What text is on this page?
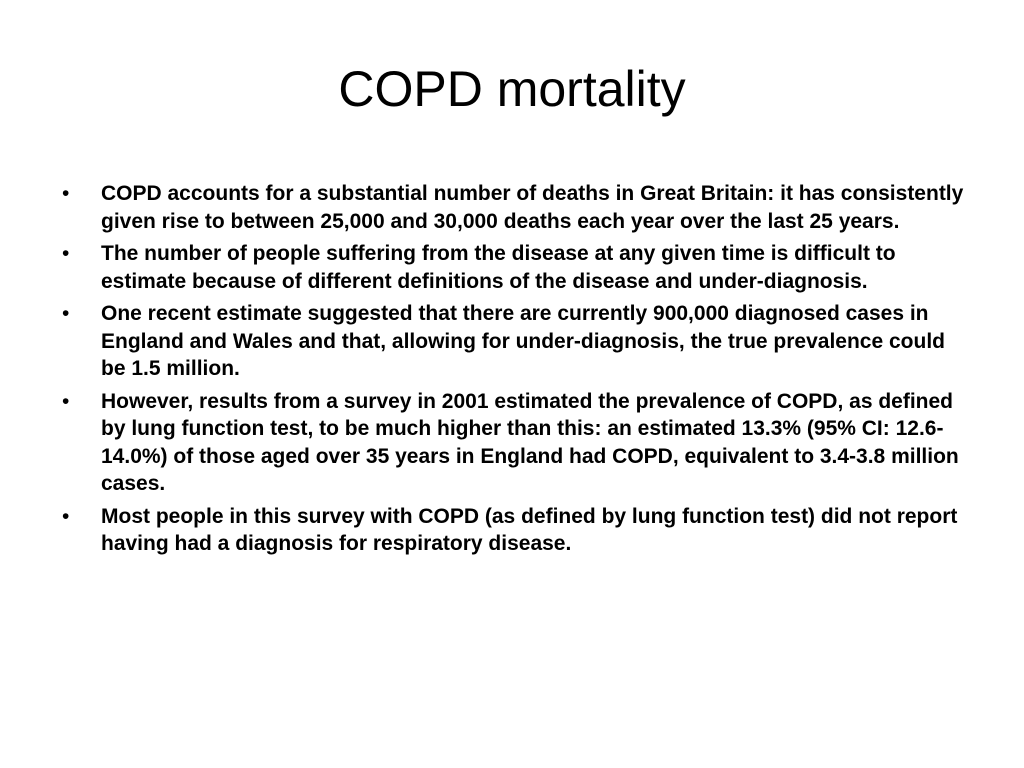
COPD mortality
• COPD accounts for a substantial number of deaths in Great Britain: it has consistently given rise to between 25,000 and 30,000 deaths each year over the last 25 years.
• The number of people suffering from the disease at any given time is difficult to estimate because of different definitions of the disease and under-diagnosis.
• One recent estimate suggested that there are currently 900,000 diagnosed cases in England and Wales and that, allowing for under-diagnosis, the true prevalence could be 1.5 million.
• However, results from a survey in 2001 estimated the prevalence of COPD, as defined by lung function test, to be much higher than this: an estimated 13.3% (95% CI: 12.6-14.0%) of those aged over 35 years in England had COPD, equivalent to 3.4-3.8 million cases.
• Most people in this survey with COPD (as defined by lung function test) did not report having had a diagnosis for respiratory disease.
